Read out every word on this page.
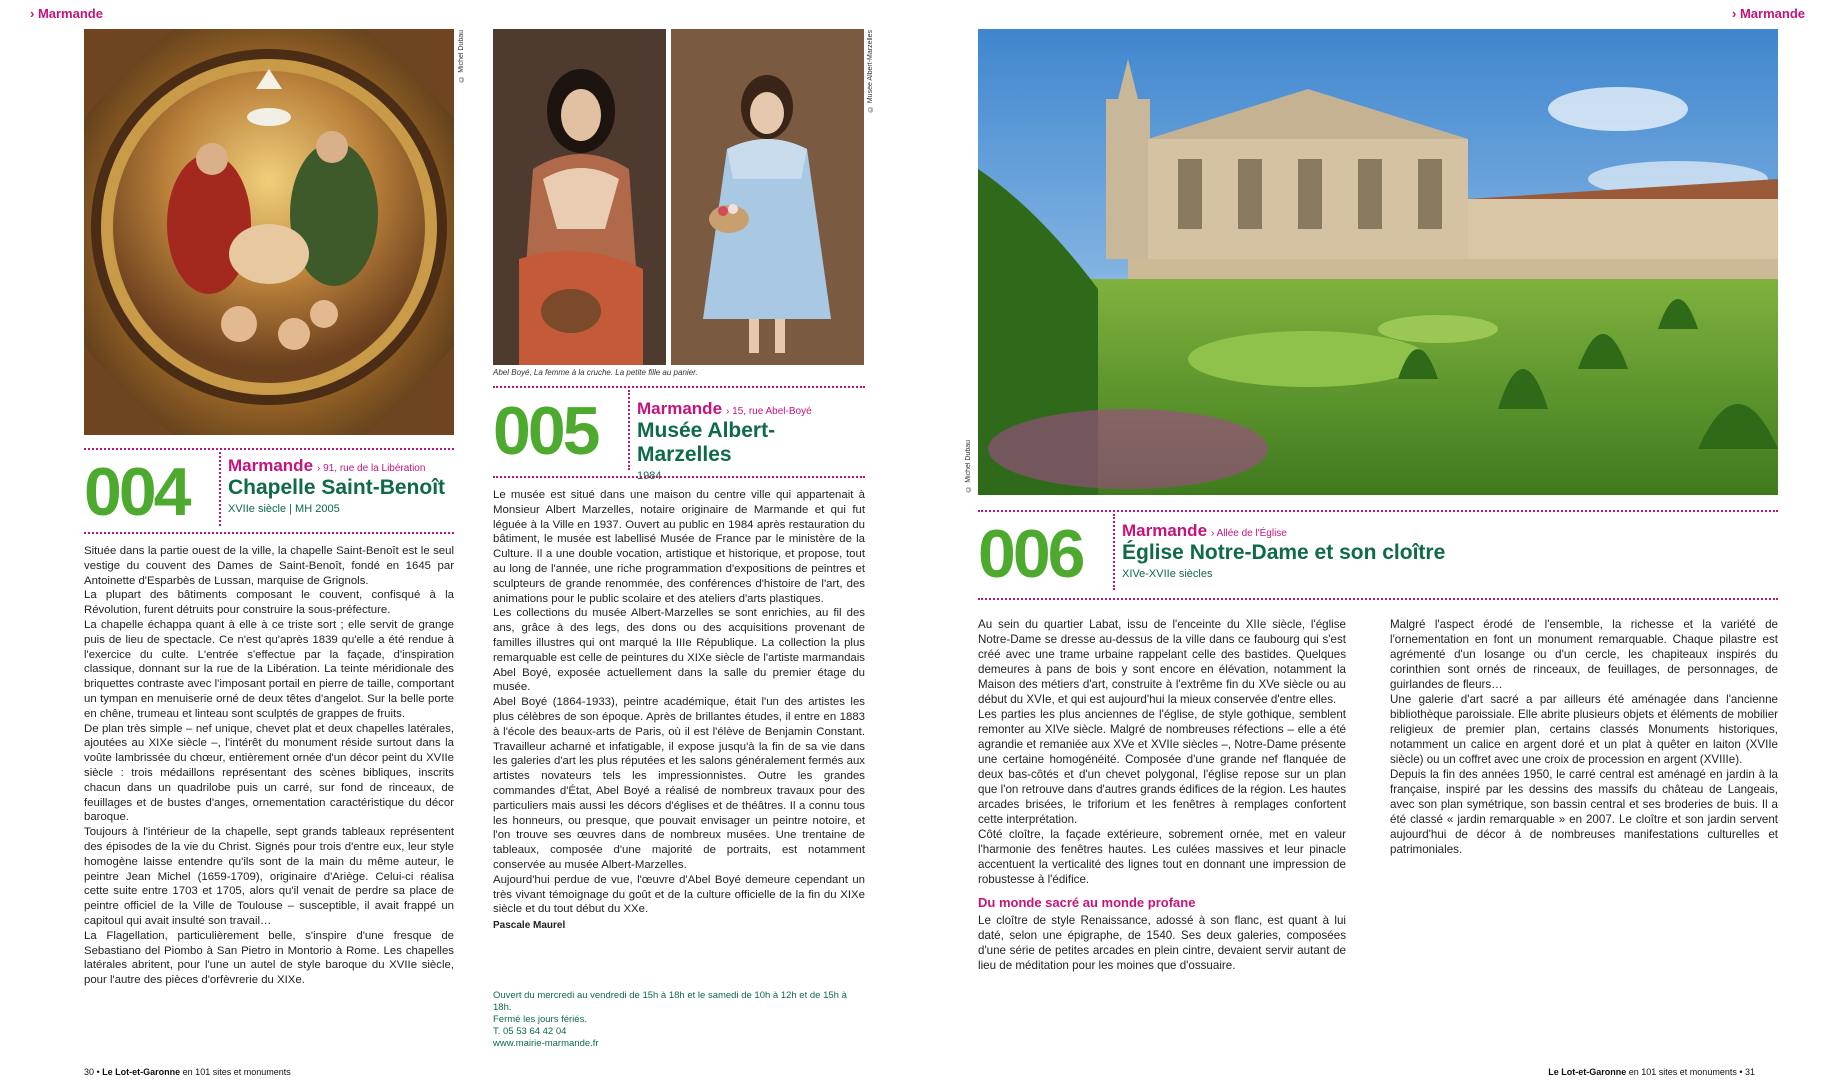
› Marmande	› Marmande
© Michel Dubau
004 Marmande › 91, rue de la Libération
Chapelle Saint-Benoît
XVIIe siècle | MH 2005

Située dans la partie ouest de la ville, la chapelle Saint-Benoît est le seul vestige du couvent des Dames de Saint-Benoît, fondé en 1645 par Antoinette d'Esparbès de Lussan, marquise de Grignols.

La plupart des bâtiments composant le couvent, confisqué à la Révolution, furent détruits pour construire la sous-préfecture.

La chapelle échappa quant à elle à ce triste sort ; elle servit de grange puis de lieu de spectacle. Ce n'est qu'après 1839 qu'elle a été rendue à l'exercice du culte. L'entrée s'effectue par la façade, d'inspiration classique, donnant sur la rue de la Libération. La teinte méridionale des briquettes contraste avec l'imposant portail en pierre de taille, comportant un tympan en menuiserie orné de deux têtes d'angelot. Sur la belle porte en chêne, trumeau et linteau sont sculptés de grappes de fruits.

De plan très simple – nef unique, chevet plat et deux chapelles latérales, ajoutées au XIXe siècle –, l'intérêt du monument réside surtout dans la voûte lambrissée du chœur, entièrement ornée d'un décor peint du XVIIe siècle : trois médaillons représentant des scènes bibliques, inscrits chacun dans un quadrilobe puis un carré, sur fond de rinceaux, de feuillages et de bustes d'anges, ornementation caractéristique du décor baroque.

Toujours à l'intérieur de la chapelle, sept grands tableaux représentent des épisodes de la vie du Christ. Signés pour trois d'entre eux, leur style homogène laisse entendre qu'ils sont de la main du même auteur, le peintre Jean Michel (1659-1709), originaire d'Ariège. Celui-ci réalisa cette suite entre 1703 et 1705, alors qu'il venait de perdre sa place de peintre officiel de la Ville de Toulouse – susceptible, il avait frappé un capitoul qui avait insulté son travail…

La Flagellation, particulièrement belle, s'inspire d'une fresque de Sebastiano del Piombo à San Pietro in Montorio à Rome. Les chapelles latérales abritent, pour l'une un autel de style baroque du XVIIe siècle, pour l'autre des pièces d'orfèvrerie du XIXe.

© Musée Albert-Marzelles
Abel Boyé, La femme à la cruche. La petite fille au panier.
005 Marmande › 15, rue Abel-Boyé
Musée Albert-Marzelles
1984

Le musée est situé dans une maison du centre ville qui appartenait à Monsieur Albert Marzelles, notaire originaire de Marmande et qui fut léguée à la Ville en 1937. Ouvert au public en 1984 après restauration du bâtiment, le musée est labellisé Musée de France par le ministère de la Culture. Il a une double vocation, artistique et historique, et propose, tout au long de l'année, une riche programmation d'expositions de peintres et sculpteurs de grande renommée, des conférences d'histoire de l'art, des animations pour le public scolaire et des ateliers d'arts plastiques.

Les collections du musée Albert-Marzelles se sont enrichies, au fil des ans, grâce à des legs, des dons ou des acquisitions provenant de familles illustres qui ont marqué la IIIe République. La collection la plus remarquable est celle de peintures du XIXe siècle de l'artiste marmandais Abel Boyé, exposée actuellement dans la salle du premier étage du musée.

Abel Boyé (1864-1933), peintre académique, était l'un des artistes les plus célèbres de son époque. Après de brillantes études, il entre en 1883 à l'école des beaux-arts de Paris, où il est l'élève de Benjamin Constant. Travailleur acharné et infatigable, il expose jusqu'à la fin de sa vie dans les galeries d'art les plus réputées et les salons généralement fermés aux artistes novateurs tels les impressionnistes. Outre les grandes commandes d'État, Abel Boyé a réalisé de nombreux travaux pour des particuliers mais aussi les décors d'églises et de théâtres. Il a connu tous les honneurs, ou presque, que pouvait envisager un peintre notoire, et l'on trouve ses œuvres dans de nombreux musées. Une trentaine de tableaux, composée d'une majorité de portraits, est notamment conservée au musée Albert-Marzelles.

Aujourd'hui perdue de vue, l'œuvre d'Abel Boyé demeure cependant un très vivant témoignage du goût et de la culture officielle de la fin du XIXe siècle et du tout début du XXe.

Pascale Maurel
Ouvert du mercredi au vendredi de 15h à 18h et le samedi de 10h à 12h et de 15h à 18h.
Fermé les jours fériés.
T. 05 53 64 42 04
www.mairie-marmande.fr
© Michel Dubau
006 Marmande › Allée de l'Église
Église Notre-Dame et son cloître
XIVe-XVIIe siècles

Au sein du quartier Labat, issu de l'enceinte du XIIe siècle, l'église Notre-Dame se dresse au-dessus de la ville dans ce faubourg qui s'est créé avec une trame urbaine rappelant celle des bastides. Quelques demeures à pans de bois y sont encore en élévation, notamment la Maison des métiers d'art, construite à l'extrême fin du XVe siècle ou au début du XVIe, et qui est aujourd'hui la mieux conservée d'entre elles.

Les parties les plus anciennes de l'église, de style gothique, semblent remonter au XIVe siècle. Malgré de nombreuses réfections – elle a été agrandie et remaniée aux XVe et XVIIe siècles –, Notre-Dame présente une certaine homogénéité. Composée d'une grande nef flanquée de deux bas-côtés et d'un chevet polygonal, l'église repose sur un plan que l'on retrouve dans d'autres grands édifices de la région. Les hautes arcades brisées, le triforium et les fenêtres à remplages confortent cette interprétation.

Côté cloître, la façade extérieure, sobrement ornée, met en valeur l'harmonie des fenêtres hautes. Les culées massives et leur pinacle accentuent la verticalité des lignes tout en donnant une impression de robustesse à l'édifice.

Du monde sacré au monde profane

Le cloître de style Renaissance, adossé à son flanc, est quant à lui daté, selon une épigraphe, de 1540. Ses deux galeries, composées d'une série de petites arcades en plein cintre, devaient servir autant de lieu de méditation pour les moines que d'ossuaire.

Malgré l'aspect érodé de l'ensemble, la richesse et la variété de l'ornementation en font un monument remarquable. Chaque pilastre est agrémenté d'un losange ou d'un cercle, les chapiteaux inspirés du corinthien sont ornés de rinceaux, de feuillages, de personnages, de guirlandes de fleurs…

Une galerie d'art sacré a par ailleurs été aménagée dans l'ancienne bibliothèque paroissiale. Elle abrite plusieurs objets et éléments de mobilier religieux de premier plan, certains classés Monuments historiques, notamment un calice en argent doré et un plat à quêter en laiton (XVIIe siècle) ou un coffret avec une croix de procession en argent (XVIIIe).

Depuis la fin des années 1950, le carré central est aménagé en jardin à la française, inspiré par les dessins des massifs du château de Langeais, avec son plan symétrique, son bassin central et ses broderies de buis. Il a été classé « jardin remarquable » en 2007. Le cloître et son jardin servent aujourd'hui de décor à de nombreuses manifestations culturelles et patrimoniales.

30 • Le Lot-et-Garonne en 101 sites et monuments	Le Lot-et-Garonne en 101 sites et monuments • 31
